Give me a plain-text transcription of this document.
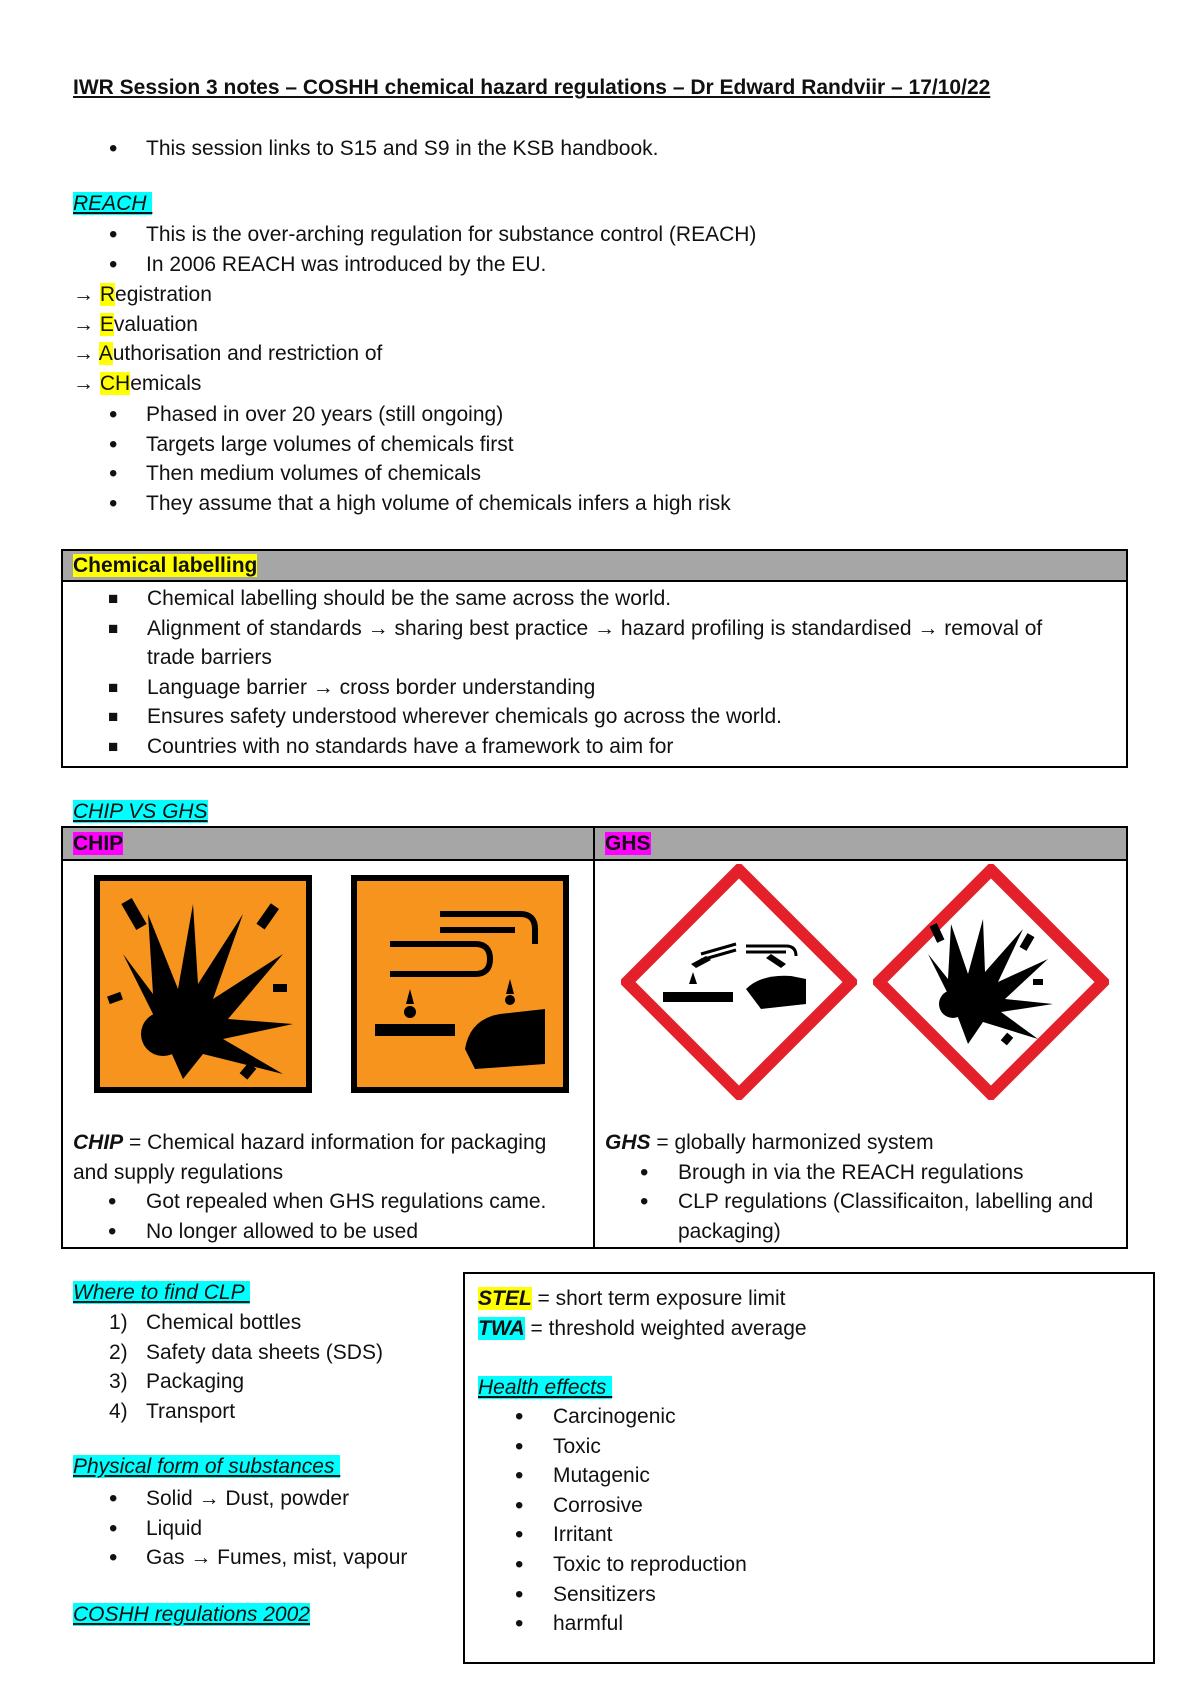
IWR Session 3 notes – COSHH chemical hazard regulations – Dr Edward Randviir – 17/10/22
• This session links to S15 and S9 in the KSB handbook.
REACH
• This is the over-arching regulation for substance control (REACH)
• In 2006 REACH was introduced by the EU.
→ Registration
→ Evaluation
→ Authorisation and restriction of
→ CHemicals
• Phased in over 20 years (still ongoing)
• Targets large volumes of chemicals first
• Then medium volumes of chemicals
• They assume that a high volume of chemicals infers a high risk
Chemical labelling
■ Chemical labelling should be the same across the world.
■ Alignment of standards → sharing best practice → hazard profiling is standardised → removal of
trade barriers
■ Language barrier → cross border understanding
■ Ensures safety understood wherever chemicals go across the world.
■ Countries with no standards have a framework to aim for
CHIP VS GHS
CHIP	GHS
CHIP = Chemical hazard information for packaging
and supply regulations
• Got repealed when GHS regulations came.
• No longer allowed to be used
GHS = globally harmonized system
• Brough in via the REACH regulations
• CLP regulations (Classificaiton, labelling and
packaging)
Where to find CLP
1) Chemical bottles
2) Safety data sheets (SDS)
3) Packaging
4) Transport
Physical form of substances
• Solid → Dust, powder
• Liquid
• Gas → Fumes, mist, vapour
COSHH regulations 2002
STEL = short term exposure limit
TWA = threshold weighted average
Health effects
• Carcinogenic
• Toxic
• Mutagenic
• Corrosive
• Irritant
• Toxic to reproduction
• Sensitizers
• harmful
